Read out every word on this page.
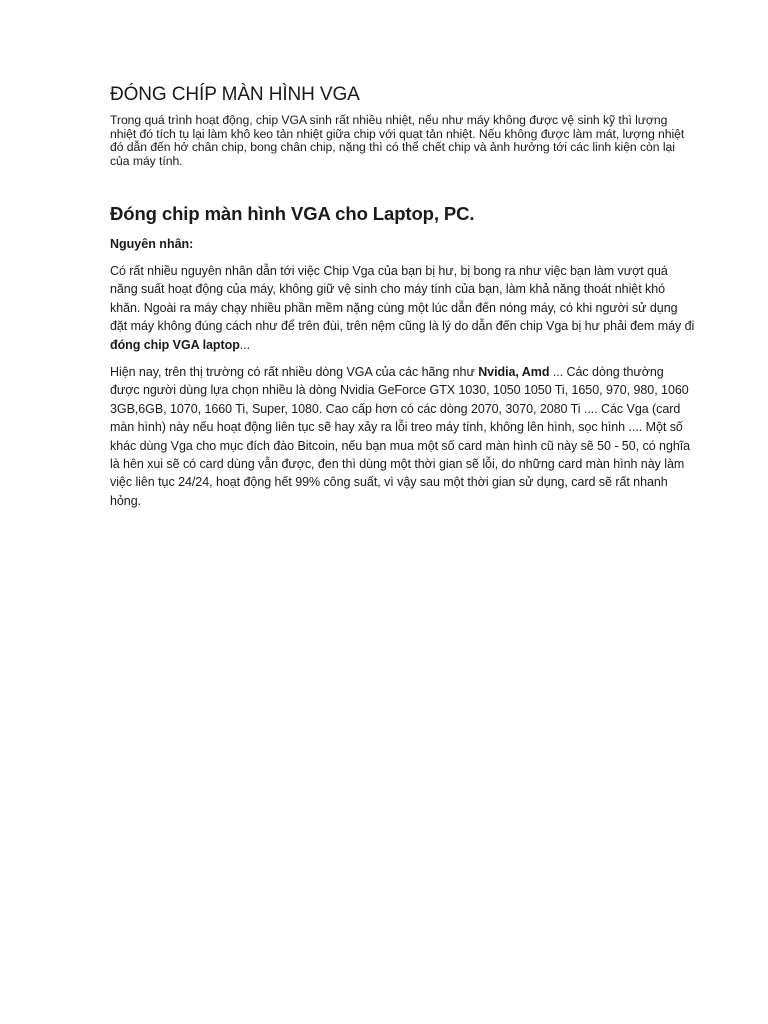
ĐÓNG CHÍP MÀN HÌNH VGA

Trong quá trình hoạt động, chip VGA sinh rất nhiều nhiệt, nếu như máy không được vệ sinh kỹ thì lượng nhiệt đó tích tụ lại làm khô keo tản nhiệt giữa chip với quạt tản nhiệt. Nếu không được làm mát, lượng nhiệt đó dẫn đến hở chân chip, bong chân chip, nặng thì có thể chết chip và ảnh hưởng tới các linh kiện còn lại của máy tính.

Đóng chip màn hình VGA cho Laptop, PC.

Nguyên nhân:

Có rất nhiều nguyên nhân dẫn tới việc Chip Vga của bạn bị hư, bị bong ra như việc bạn làm vượt quá năng suất hoạt động của máy, không giữ vệ sinh cho máy tính của bạn, làm khả năng thoát nhiệt khó khăn. Ngoài ra máy chạy nhiều phần mềm nặng cùng một lúc dẫn đến nóng máy, có khi người sử dụng đặt máy không đúng cách như để trên đùi, trên nệm cũng là lý do dẫn đến chip Vga bị hư phải đem máy đi đóng chip VGA laptop...

Hiện nay, trên thị trường có rất nhiều dòng VGA của các hãng như Nvidia, Amd ... Các dòng thường được người dùng lựa chọn nhiều là dòng Nvidia GeForce GTX 1030, 1050 1050 Ti, 1650, 970, 980, 1060 3GB,6GB, 1070, 1660 Ti, Super, 1080. Cao cấp hơn có các dòng 2070, 3070, 2080 Ti .... Các Vga (card màn hình) này nếu hoạt động liên tục sẽ hay xảy ra lỗi treo máy tính, không lên hình, sọc hình .... Một số khác dùng Vga cho mục đích đào Bitcoin, nếu bạn mua một số card màn hình cũ này sẽ 50 - 50, có nghĩa là hên xui sẽ có card dùng vẫn được, đen thì dùng một thời gian sẽ lỗi, do những card màn hình này làm việc liên tục 24/24, hoạt động hết 99% công suất, vì vậy sau một thời gian sử dụng, card sẽ rất nhanh hỏng.
